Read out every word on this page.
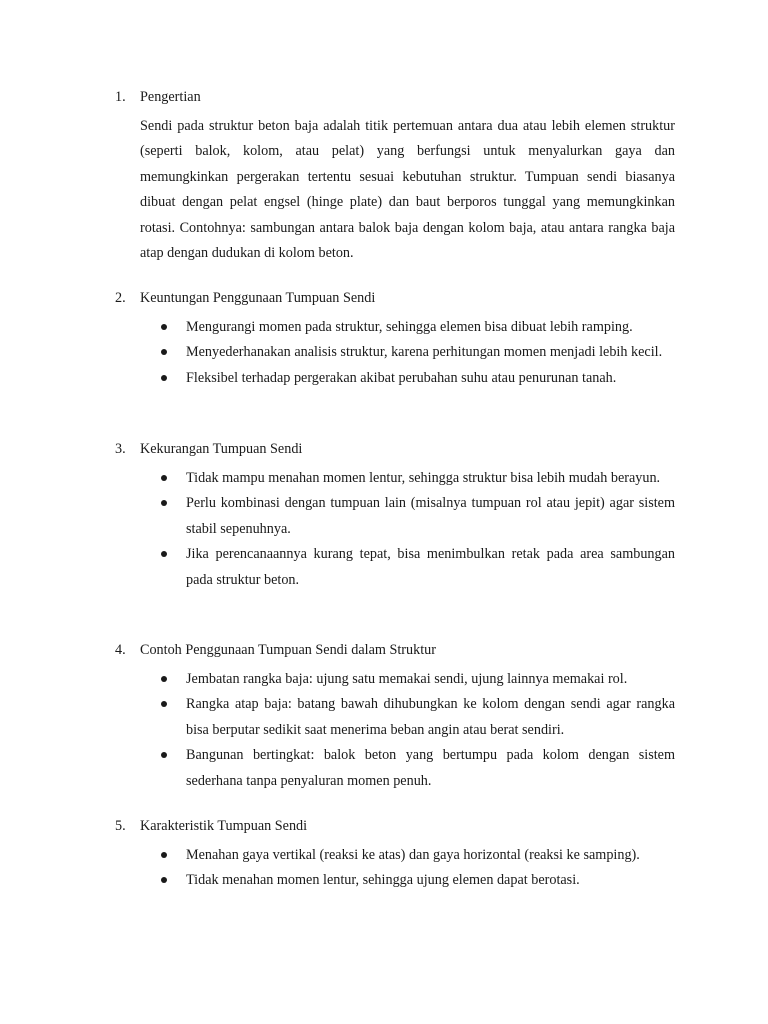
1. Pengertian

Sendi pada struktur beton baja adalah titik pertemuan antara dua atau lebih elemen struktur (seperti balok, kolom, atau pelat) yang berfungsi untuk menyalurkan gaya dan memungkinkan pergerakan tertentu sesuai kebutuhan struktur. Tumpuan sendi biasanya dibuat dengan pelat engsel (hinge plate) dan baut berporos tunggal yang memungkinkan rotasi. Contohnya: sambungan antara balok baja dengan kolom baja, atau antara rangka baja atap dengan dudukan di kolom beton.

2. Keuntungan Penggunaan Tumpuan Sendi
Mengurangi momen pada struktur, sehingga elemen bisa dibuat lebih ramping.
Menyederhanakan analisis struktur, karena perhitungan momen menjadi lebih kecil.
Fleksibel terhadap pergerakan akibat perubahan suhu atau penurunan tanah.
3. Kekurangan Tumpuan Sendi
Tidak mampu menahan momen lentur, sehingga struktur bisa lebih mudah berayun.
Perlu kombinasi dengan tumpuan lain (misalnya tumpuan rol atau jepit) agar sistem stabil sepenuhnya.
Jika perencanaannya kurang tepat, bisa menimbulkan retak pada area sambungan pada struktur beton.
4. Contoh Penggunaan Tumpuan Sendi dalam Struktur
Jembatan rangka baja: ujung satu memakai sendi, ujung lainnya memakai rol.
Rangka atap baja: batang bawah dihubungkan ke kolom dengan sendi agar rangka bisa berputar sedikit saat menerima beban angin atau berat sendiri.
Bangunan bertingkat: balok beton yang bertumpu pada kolom dengan sistem sederhana tanpa penyaluran momen penuh.
5. Karakteristik Tumpuan Sendi
Menahan gaya vertikal (reaksi ke atas) dan gaya horizontal (reaksi ke samping).
Tidak menahan momen lentur, sehingga ujung elemen dapat berotasi.
